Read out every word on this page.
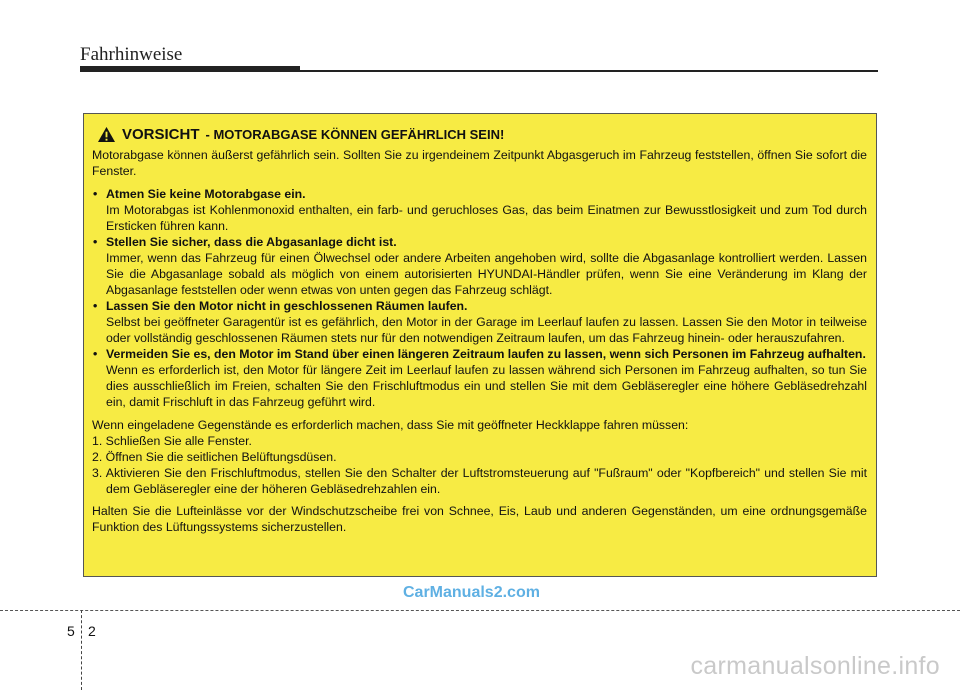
Fahrhinweise
VORSICHT - MOTORABGASE KÖNNEN GEFÄHRLICH SEIN!
Motorabgase können äußerst gefährlich sein. Sollten Sie zu irgendeinem Zeitpunkt Abgasgeruch im Fahrzeug feststellen, öffnen Sie sofort die Fenster.
• Atmen Sie keine Motorabgase ein.
Im Motorabgas ist Kohlenmonoxid enthalten, ein farb- und geruchloses Gas, das beim Einatmen zur Bewusstlosigkeit und zum Tod durch Ersticken führen kann.
• Stellen Sie sicher, dass die Abgasanlage dicht ist.
Immer, wenn das Fahrzeug für einen Ölwechsel oder andere Arbeiten angehoben wird, sollte die Abgasanlage kontrolliert werden. Lassen Sie die Abgasanlage sobald als möglich von einem autorisierten HYUNDAI-Händler prüfen, wenn Sie eine Veränderung im Klang der Abgasanlage feststellen oder wenn etwas von unten gegen das Fahrzeug schlägt.
• Lassen Sie den Motor nicht in geschlossenen Räumen laufen.
Selbst bei geöffneter Garagentür ist es gefährlich, den Motor in der Garage im Leerlauf laufen zu lassen. Lassen Sie den Motor in teilweise oder vollständig geschlossenen Räumen stets nur für den notwendigen Zeitraum laufen, um das Fahrzeug hinein- oder herauszufahren.
• Vermeiden Sie es, den Motor im Stand über einen längeren Zeitraum laufen zu lassen, wenn sich Personen im Fahrzeug aufhalten.
Wenn es erforderlich ist, den Motor für längere Zeit im Leerlauf laufen zu lassen während sich Personen im Fahrzeug aufhalten, so tun Sie dies ausschließlich im Freien, schalten Sie den Frischluftmodus ein und stellen Sie mit dem Gebläseregler eine höhere Gebläsedrehzahl ein, damit Frischluft in das Fahrzeug geführt wird.
Wenn eingeladene Gegenstände es erforderlich machen, dass Sie mit geöffneter Heckklappe fahren müssen:
1. Schließen Sie alle Fenster.
2. Öffnen Sie die seitlichen Belüftungsdüsen.
3. Aktivieren Sie den Frischluftmodus, stellen Sie den Schalter der Luftstromsteuerung auf "Fußraum" oder "Kopfbereich" und stellen Sie mit dem Gebläseregler eine der höheren Gebläsedrehzahlen ein.
Halten Sie die Lufteinlässe vor der Windschutzscheibe frei von Schnee, Eis, Laub und anderen Gegenständen, um eine ordnungsgemäße Funktion des Lüftungssystems sicherzustellen.
CarManuals2.com
5 2
carmanualsonline.info
